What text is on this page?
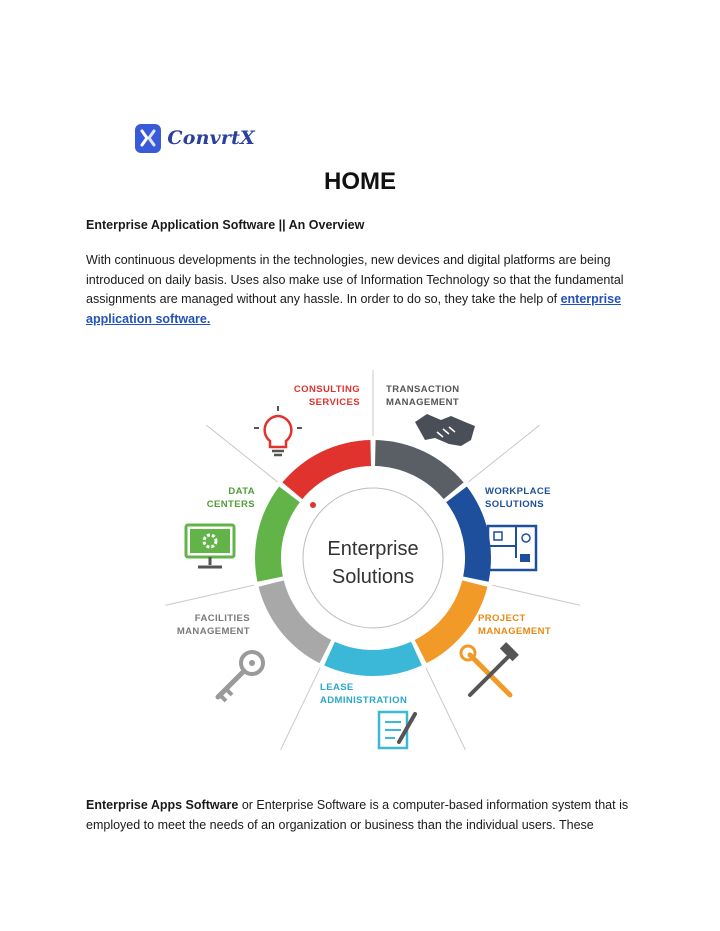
ConvrtX
HOME

Enterprise Application Software || An Overview

With continuous developments in the technologies, new devices and digital platforms are being introduced on daily basis. Uses also make use of Information Technology so that the fundamental assignments are managed without any hassle. In order to do so, they take the help of enterprise application software.

Enterprise
Solutions
CONSULTING
SERVICES
TRANSACTION
MANAGEMENT
WORKPLACE
SOLUTIONS
PROJECT
MANAGEMENT
LEASE
ADMINISTRATION
FACILITIES
MANAGEMENT
DATA
CENTERS

Enterprise Apps Software or Enterprise Software is a computer-based information system that is employed to meet the needs of an organization or business than the individual users. These
